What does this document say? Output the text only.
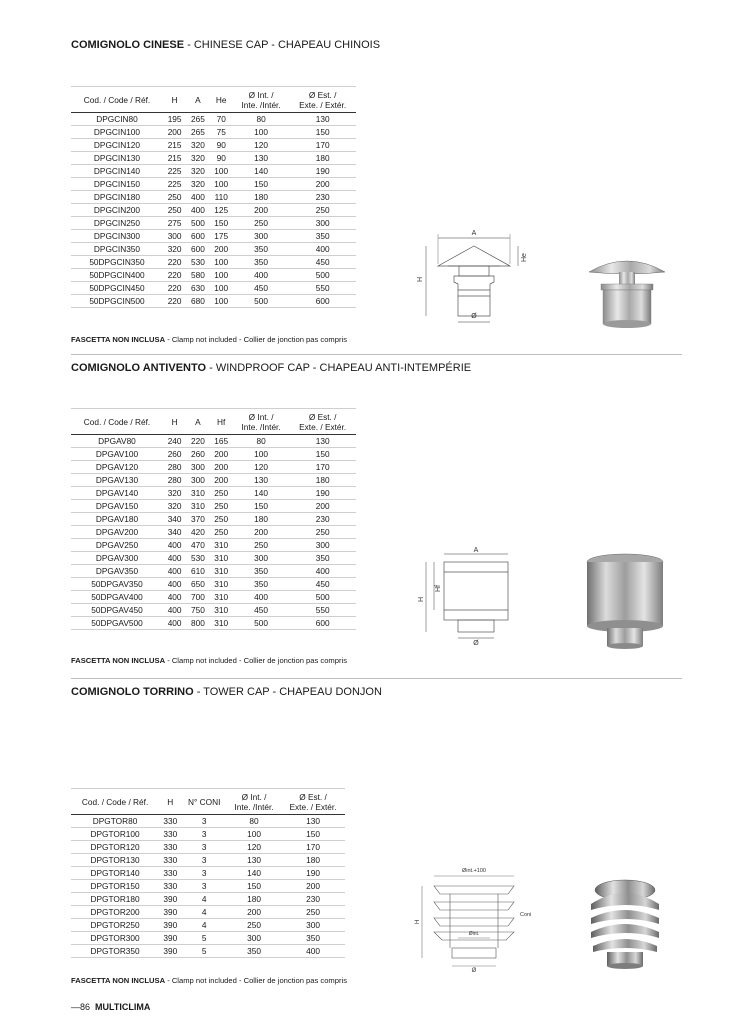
COMIGNOLO CINESE - CHINESE CAP - CHAPEAU CHINOIS
Cod. / Code / Réf.	H	A	He	Ø Int. /
Inte. /Intér.	Ø Est. /
Exte. / Extér.
DPGCIN80	195	265	70	80	130
DPGCIN100	200	265	75	100	150
DPGCIN120	215	320	90	120	170
DPGCIN130	215	320	90	130	180
DPGCIN140	225	320	100	140	190
DPGCIN150	225	320	100	150	200
DPGCIN180	250	400	110	180	230
DPGCIN200	250	400	125	200	250
DPGCIN250	275	500	150	250	300
DPGCIN300	300	600	175	300	350
DPGCIN350	320	600	200	350	400
50DPGCIN350	220	530	100	350	450
50DPGCIN400	220	580	100	400	500
50DPGCIN450	220	630	100	450	550
50DPGCIN500	220	680	100	500	600
FASCETTA NON INCLUSA - Clamp not included - Collier de jonction pas compris
A
H
He
Ø
COMIGNOLO ANTIVENTO - WINDPROOF CAP - CHAPEAU ANTI-INTEMPÉRIE
Cod. / Code / Réf.	H	A	Hf	Ø Int. /
Inte. /Intér.	Ø Est. /
Exte. / Extér.
DPGAV80	240	220	165	80	130
DPGAV100	260	260	200	100	150
DPGAV120	280	300	200	120	170
DPGAV130	280	300	200	130	180
DPGAV140	320	310	250	140	190
DPGAV150	320	310	250	150	200
DPGAV180	340	370	250	180	230
DPGAV200	340	420	250	200	250
DPGAV250	400	470	310	250	300
DPGAV300	400	530	310	300	350
DPGAV350	400	610	310	350	400
50DPGAV350	400	650	310	350	450
50DPGAV400	400	700	310	400	500
50DPGAV450	400	750	310	450	550
50DPGAV500	400	800	310	500	600
FASCETTA NON INCLUSA - Clamp not included - Collier de jonction pas compris
A
H
Hf
Ø
COMIGNOLO TORRINO - TOWER CAP - CHAPEAU DONJON
Cod. / Code / Réf.	H	N° CONI	Ø Int. /
Inte. /Intér.	Ø Est. /
Exte. / Extér.
DPGTOR80	330	3	80	130
DPGTOR100	330	3	100	150
DPGTOR120	330	3	120	170
DPGTOR130	330	3	130	180
DPGTOR140	330	3	140	190
DPGTOR150	330	3	150	200
DPGTOR180	390	4	180	230
DPGTOR200	390	4	200	250
DPGTOR250	390	4	250	300
DPGTOR300	390	5	300	350
DPGTOR350	390	5	350	400
FASCETTA NON INCLUSA - Clamp not included - Collier de jonction pas compris
Øint.+100
H
Coni
Øint.
Ø
—86 MULTICLIMA
